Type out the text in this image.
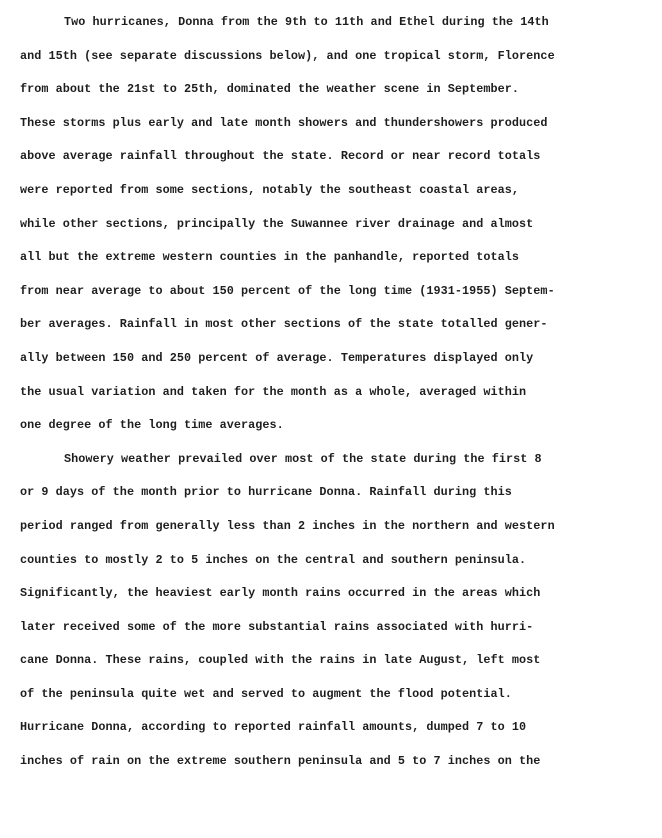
Two hurricanes, Donna from the 9th to 11th and Ethel during the 14th
and 15th (see separate discussions below), and one tropical storm, Florence
from about the 21st to 25th, dominated the weather scene in September.
These storms plus early and late month showers and thundershowers produced
above average rainfall throughout the state. Record or near record totals
were reported from some sections, notably the southeast coastal areas,
while other sections, principally the Suwannee river drainage and almost
all but the extreme western counties in the panhandle, reported totals
from near average to about 150 percent of the long time (1931-1955) Septem-
ber averages. Rainfall in most other sections of the state totalled gener-
ally between 150 and 250 percent of average. Temperatures displayed only
the usual variation and taken for the month as a whole, averaged within
one degree of the long time averages.
Showery weather prevailed over most of the state during the first 8
or 9 days of the month prior to hurricane Donna. Rainfall during this
period ranged from generally less than 2 inches in the northern and western
counties to mostly 2 to 5 inches on the central and southern peninsula.
Significantly, the heaviest early month rains occurred in the areas which
later received some of the more substantial rains associated with hurri-
cane Donna. These rains, coupled with the rains in late August, left most
of the peninsula quite wet and served to augment the flood potential.
Hurricane Donna, according to reported rainfall amounts, dumped 7 to 10
inches of rain on the extreme southern peninsula and 5 to 7 inches on the
